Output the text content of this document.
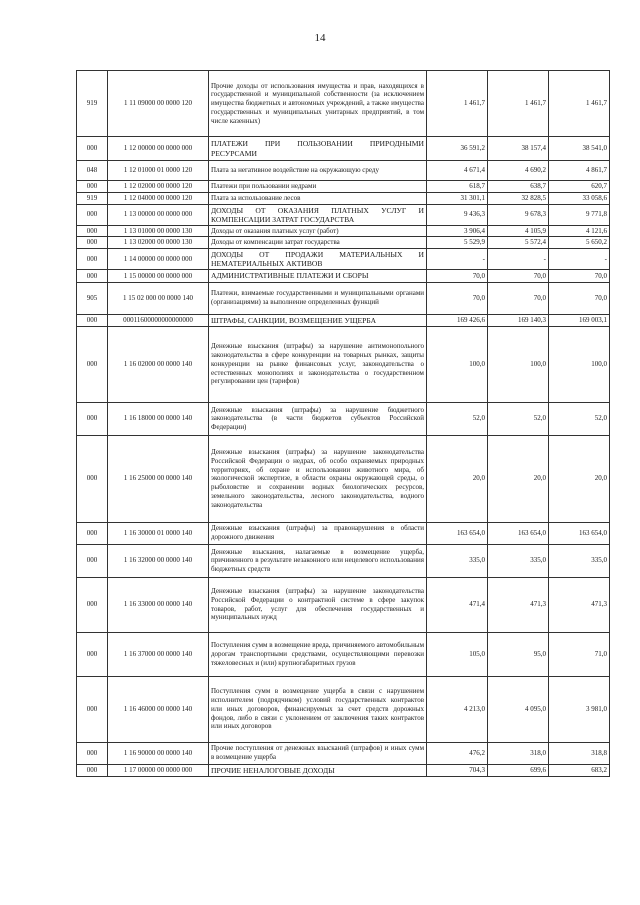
14
919	1 11 09000 00 0000 120	Прочие доходы от использования имущества и прав, находящихся в государственной и муниципальной собственности (за исключением имущества бюджетных и автономных учреждений, а также имущества государственных и муниципальных унитарных предприятий, в том числе казенных)	1 461,7	1 461,7	1 461,7
000	1 12 00000 00 0000 000	ПЛАТЕЖИ ПРИ ПОЛЬЗОВАНИИ ПРИРОДНЫМИ РЕСУРСАМИ	36 591,2	38 157,4	38 541,0
048	1 12 01000 01 0000 120	Плата за негативное воздействие на окружающую среду	4 671,4	4 690,2	4 861,7
000	1 12 02000 00 0000 120	Платежи при пользовании недрами	618,7	638,7	620,7
919	1 12 04000 00 0000 120	Плата за использование лесов	31 301,1	32 828,5	33 058,6
000	1 13 00000 00 0000 000	ДОХОДЫ ОТ ОКАЗАНИЯ ПЛАТНЫХ УСЛУГ И КОМПЕНСАЦИИ ЗАТРАТ ГОСУДАРСТВА	9 436,3	9 678,3	9 771,8
000	1 13 01000 00 0000 130	Доходы от оказания платных услуг (работ)	3 906,4	4 105,9	4 121,6
000	1 13 02000 00 0000 130	Доходы от компенсации затрат государства	5 529,9	5 572,4	5 650,2
000	1 14 00000 00 0000 000	ДОХОДЫ ОТ ПРОДАЖИ МАТЕРИАЛЬНЫХ И НЕМАТЕРИАЛЬНЫХ АКТИВОВ	-	-	-
000	1 15 00000 00 0000 000	АДМИНИСТРАТИВНЫЕ ПЛАТЕЖИ И СБОРЫ	70,0	70,0	70,0
905	1 15 02 000 00 0000 140	Платежи, взимаемые государственными и муниципальными органами (организациями) за выполнение определенных функций	70,0	70,0	70,0
000	00011600000000000000	ШТРАФЫ, САНКЦИИ, ВОЗМЕЩЕНИЕ УЩЕРБА	169 426,6	169 140,3	169 003,1
000	1 16 02000 00 0000 140	Денежные взыскания (штрафы) за нарушение антимонопольного законодательства в сфере конкуренции на товарных рынках, защиты конкуренции на рынке финансовых услуг, законодательства о естественных монополиях и законодательства о государственном регулировании цен (тарифов)	100,0	100,0	100,0
000	1 16 18000 00 0000 140	Денежные взыскания (штрафы) за нарушение бюджетного законодательства (в части бюджетов субъектов Российской Федерации)	52,0	52,0	52,0
000	1 16 25000 00 0000 140	Денежные взыскания (штрафы) за нарушение законодательства Российской Федерации о недрах, об особо охраняемых природных территориях, об охране и использовании животного мира, об экологической экспертизе, в области охраны окружающей среды, о рыболовстве и сохранении водных биологических ресурсов, земельного законодательства, лесного законодательства, водного законодательства	20,0	20,0	20,0
000	1 16 30000 01 0000 140	Денежные взыскания (штрафы) за правонарушения в области дорожного движения	163 654,0	163 654,0	163 654,0
000	1 16 32000 00 0000 140	Денежные взыскания, налагаемые в возмещение ущерба, причиненного в результате незаконного или нецелевого использования бюджетных средств	335,0	335,0	335,0
000	1 16 33000 00 0000 140	Денежные взыскания (штрафы) за нарушение законодательства Российской Федерации о контрактной системе в сфере закупок товаров, работ, услуг для обеспечения государственных и муниципальных нужд	471,4	471,3	471,3
000	1 16 37000 00 0000 140	Поступления сумм в возмещение вреда, причиняемого автомобильным дорогам транспортными средствами, осуществляющими перевозки тяжеловесных и (или) крупногабаритных грузов	105,0	95,0	71,0
000	1 16 46000 00 0000 140	Поступления сумм в возмещение ущерба в связи с нарушением исполнителем (подрядчиком) условий государственных контрактов или иных договоров, финансируемых за счет средств дорожных фондов, либо в связи с уклонением от заключения таких контрактов или иных договоров	4 213,0	4 095,0	3 981,0
000	1 16 90000 00 0000 140	Прочие поступления от денежных взысканий (штрафов) и иных сумм в возмещение ущерба	476,2	318,0	318,8
000	1 17 00000 00 0000 000	ПРОЧИЕ НЕНАЛОГОВЫЕ ДОХОДЫ	704,3	699,6	683,2
